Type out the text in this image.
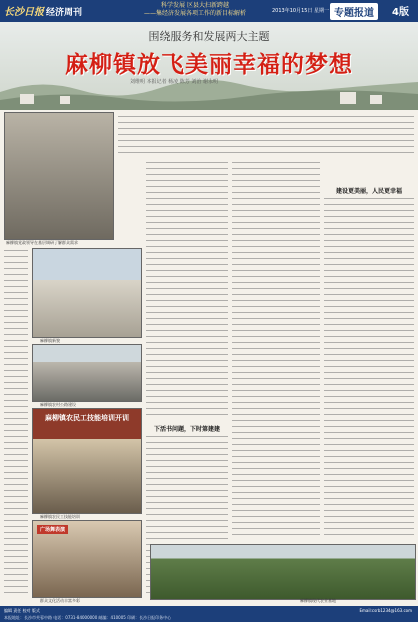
长沙日报 经济周刊
科学发展 区县大扫新跨越
——集经济发展各项工作的新目标解析	2013年10月15日 星期一 专题报道	4版
围绕服务和发展两大主题
麻柳镇放飞美丽幸福的梦想
刘维明 本报记者 杨凌 陈芳 刘治 谢永明
麻柳镇党政领导在基层调研了解群众需求
麻柳镇新貌
麻柳镇农村公路建设
麻柳镇农民工技能培训开训
麻柳镇农民工技能培训
广场舞表演
群众文化活动丰富多彩
下活书问题，下时第建建
建设更美丽，人民更幸福
麻柳镇现代农业基地
编辑 责任 校对 版式	Email:csrb1234@163.com
本报地址：长沙市芙蓉中路 电话：0731-84000000 邮编：410005 印刷：长沙日报印务中心
